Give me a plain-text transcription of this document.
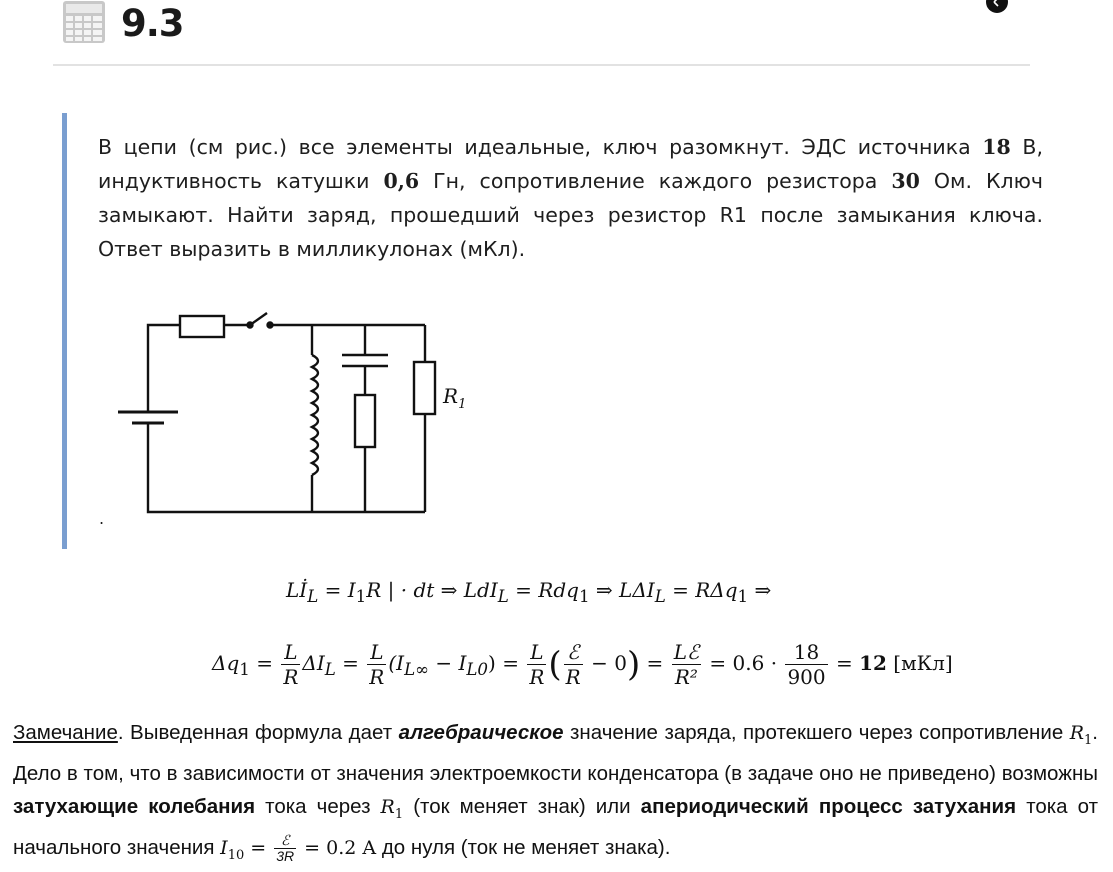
9.3
В цепи (см рис.) все элементы идеальные, ключ разомкнут. ЭДС источника 18 В, индуктивность катушки 0,6 Гн, сопротивление каждого резистора 30 Ом. Ключ замыкают. Найти заряд, прошедший через резистор R1 после замыкания ключа. Ответ выразить в милликулонах (мКл).
$R_1$
.
$Lİ_L = I_1R$ | · dt ⇒ LdI$_L$ = Rdq$_1$ ⇒ $L\Delta I_L = R\Delta q_1$ ⇒
$\Delta q_1 = \frac{L}{R} \Delta I_L = \frac{L}{R} (I_{L\infty} - I_{L0}) = \frac{L}{R}$ ( $\frac{\text{ℰ}}{R} - 0) = \frac{\text{Lℰ}}{\text{R²}} = 0.6 \cdot \frac{18}{900} = 12$ [мКл]
Замечание. Выведенная формула дает алгебраическое значение заряда, протекшего через сопротивление $R_1$. Дело в том, что в зависимости от значения электроемкости конденсатора (в задаче оно не приведено) возможны затухающие колебания тока через $R_1$ (ток меняет знак) или апериодический процесс затухания тока от начального значения $I_{10} = \frac{\text{ℰ}}{3R} = 0.2$ A до нуля (ток не меняет знака).
